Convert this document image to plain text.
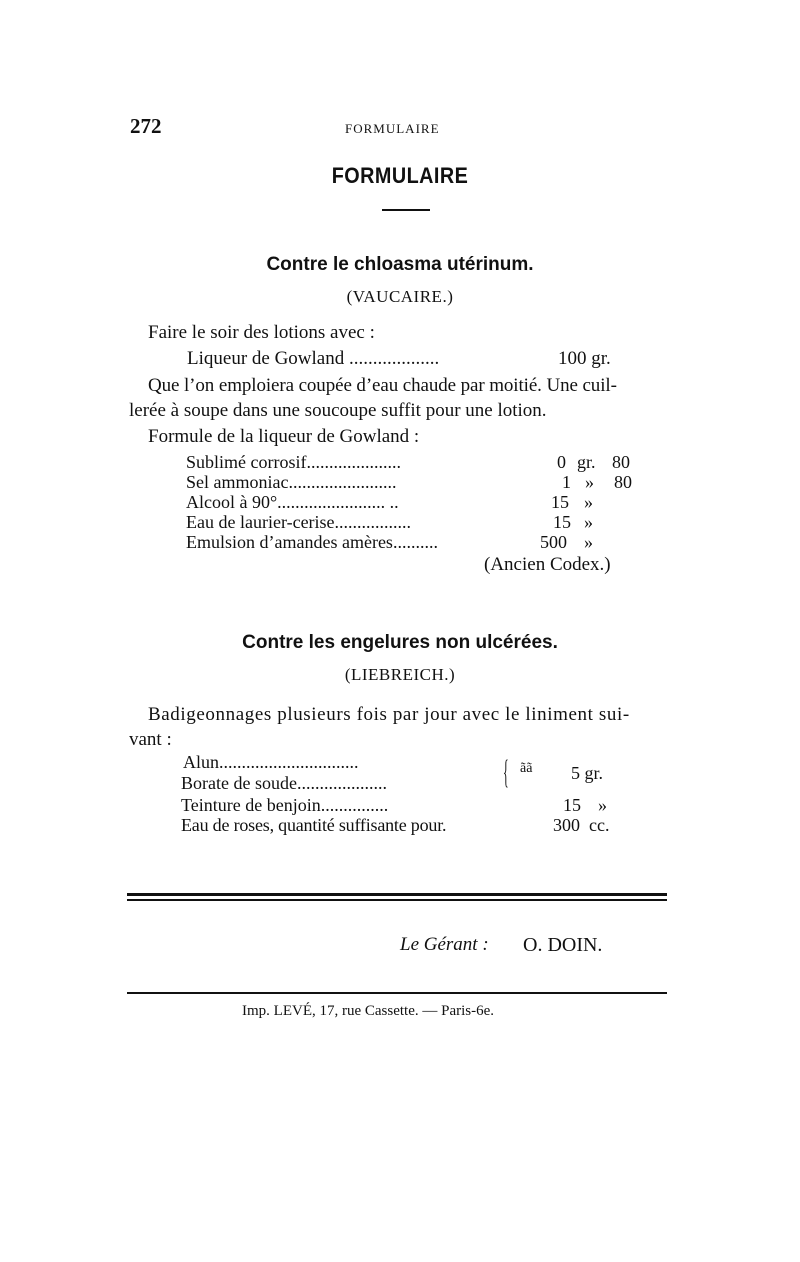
272	FORMULAIRE
FORMULAIRE
Contre le chloasma utérinum.
(VAUCAIRE.)
Faire le soir des lotions avec :
Liqueur de Gowland ...................	100 gr.
Que l’on emploiera coupée d’eau chaude par moitié. Une cuil-
lerée à soupe dans une soucoupe suffit pour une lotion.
Formule de la liqueur de Gowland :
Sublimé corrosif.....................	0 gr. 80
Sel ammoniac........................	1 » 80
Alcool à 90°........................ ..	15 »
Eau de laurier-cerise.................	15 »
Emulsion d’amandes amères..........	500 »
(Ancien Codex.)
Contre les engelures non ulcérées.
(LIEBREICH.)
Badigeonnages plusieurs fois par jour avec le liniment sui-
vant :
Alun...............................
Borate de soude....................	{ ãã 5 gr.
Teinture de benjoin...............	15 »
Eau de roses, quantité suffisante pour.	300 cc.
Le Gérant : O. DOIN.
Imp. LEVÉ, 17, rue Cassette. — Paris-6e.
